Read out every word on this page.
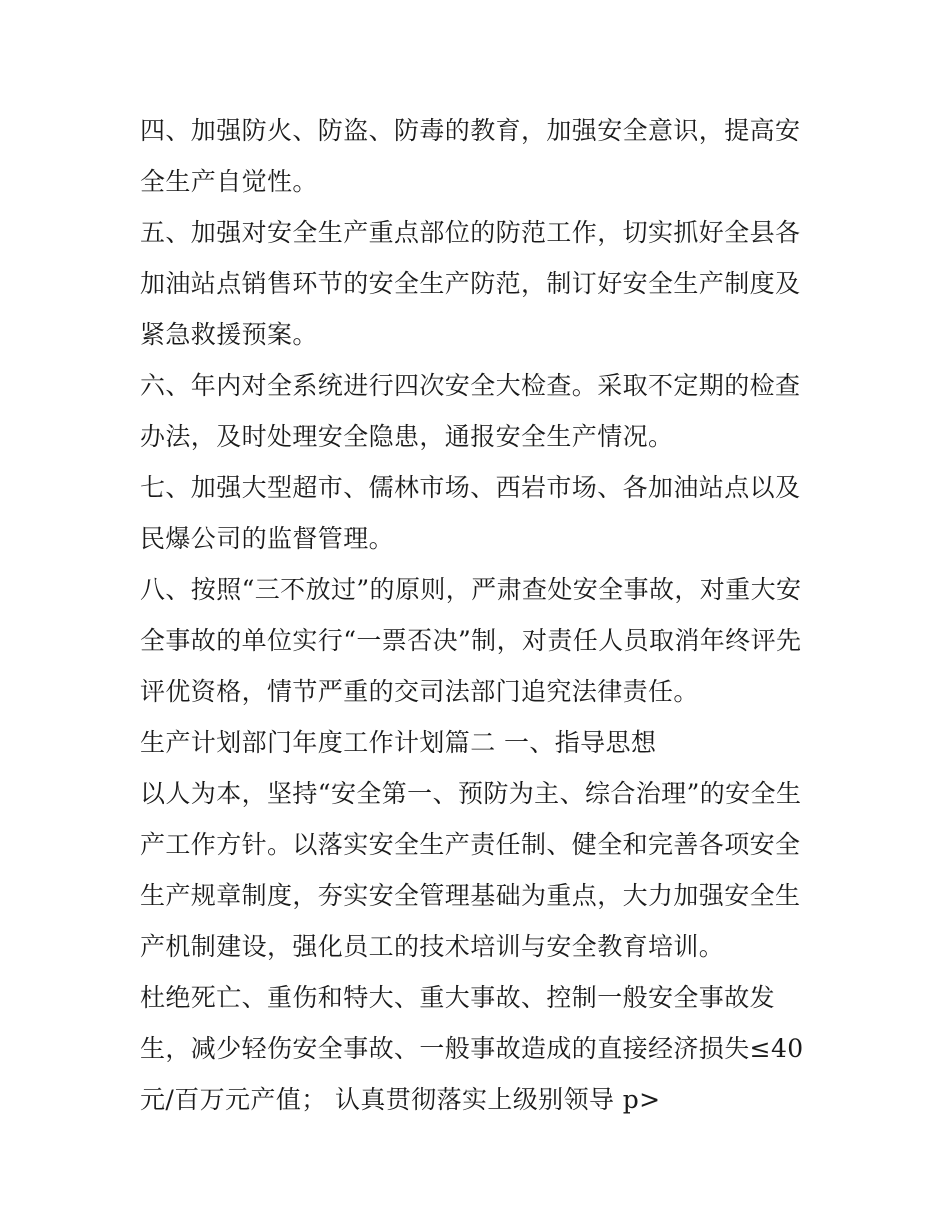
四、加强防火、防盗、防毒的教育，加强安全意识，提高安全生产自觉性。

五、加强对安全生产重点部位的防范工作，切实抓好全县各加油站点销售环节的安全生产防范，制订好安全生产制度及紧急救援预案。

六、年内对全系统进行四次安全大检查。采取不定期的检查办法，及时处理安全隐患，通报安全生产情况。

七、加强大型超市、儒林市场、西岩市场、各加油站点以及民爆公司的监督管理。

八、按照“三不放过”的原则，严肃查处安全事故，对重大安全事故的单位实行“一票否决”制，对责任人员取消年终评先评优资格，情节严重的交司法部门追究法律责任。

生产计划部门年度工作计划篇二 一、指导思想

以人为本，坚持“安全第一、预防为主、综合治理”的安全生产工作方针。以落实安全生产责任制、健全和完善各项安全生产规章制度，夯实安全管理基础为重点，大力加强安全生产机制建设，强化员工的技术培训与安全教育培训。

杜绝死亡、重伤和特大、重大事故、控制一般安全事故发生，减少轻伤安全事故、一般事故造成的直接经济损失≤40 元/百万元产值； 认真贯彻落实上级别领导 p>
